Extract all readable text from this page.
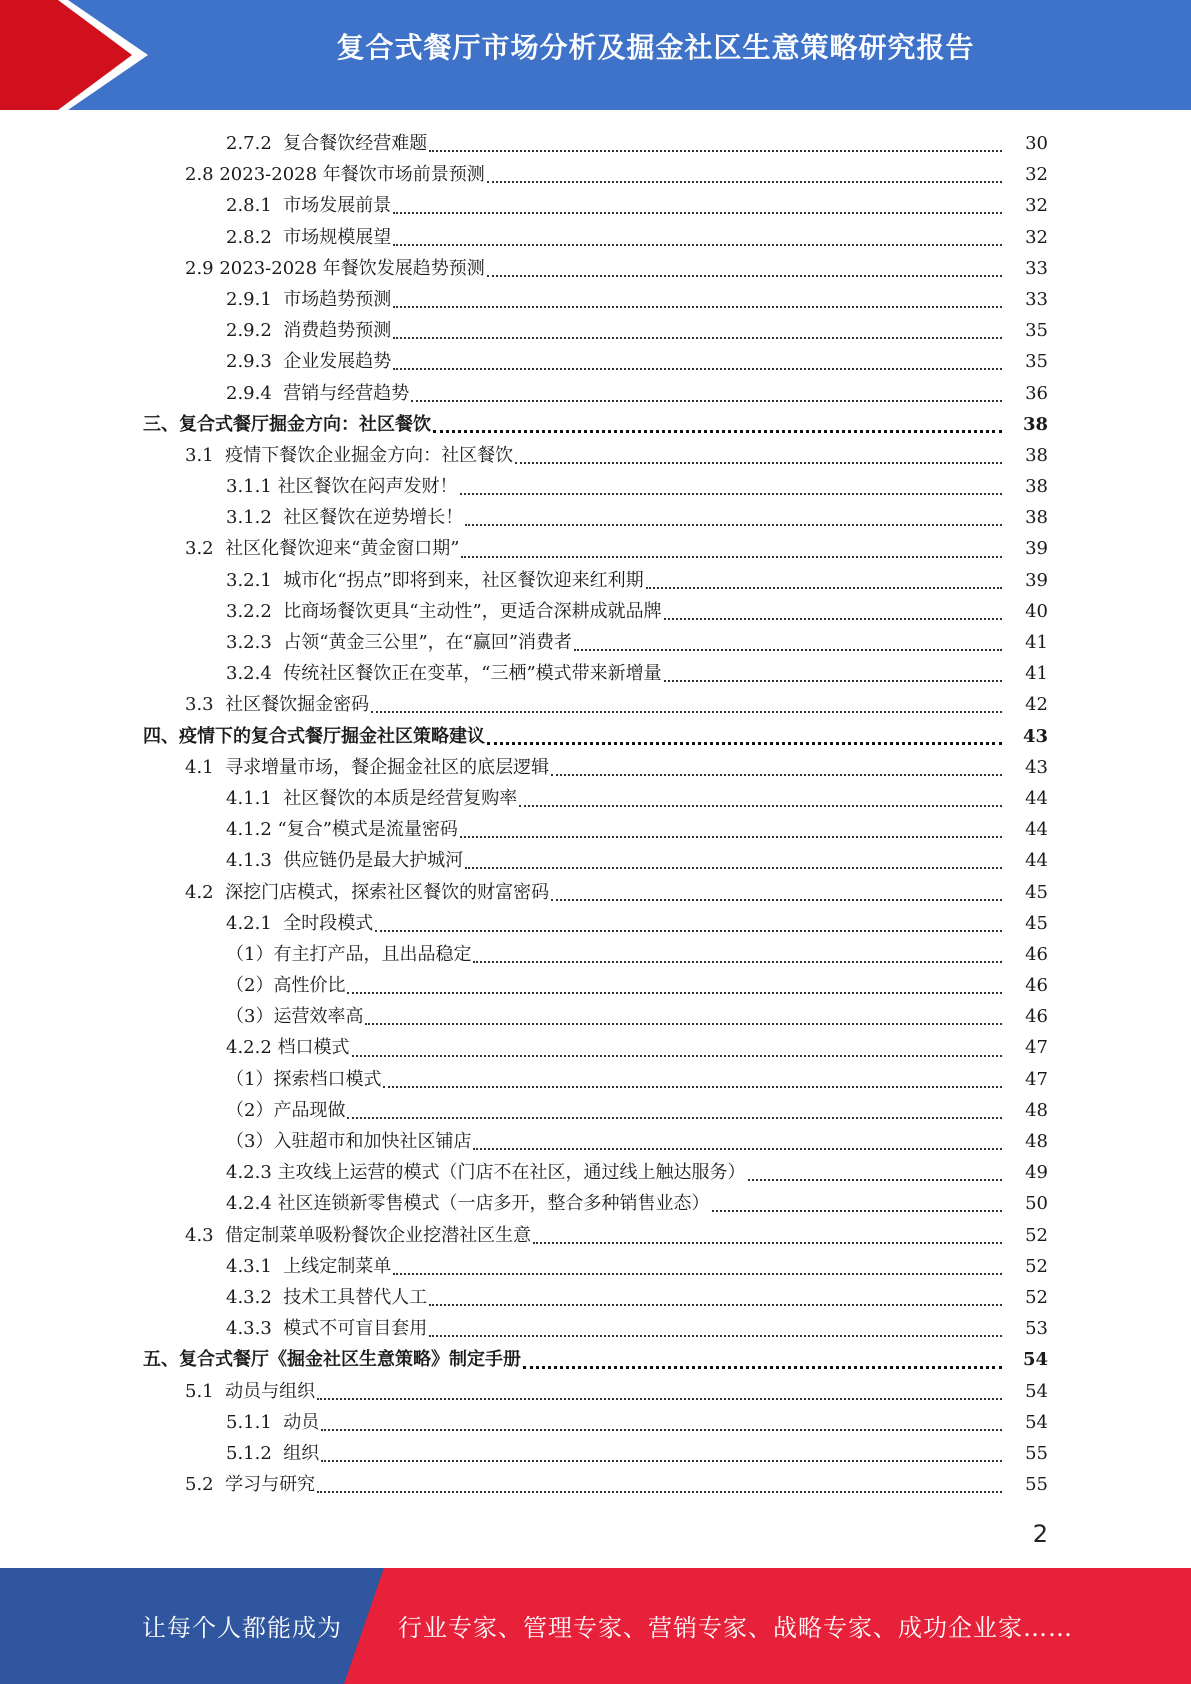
复合式餐厅市场分析及掘金社区生意策略研究报告
2.7.2  复合餐饮经营难题	30
2.8 2023-2028 年餐饮市场前景预测	32
2.8.1  市场发展前景	32
2.8.2  市场规模展望	32
2.9 2023-2028 年餐饮发展趋势预测	33
2.9.1  市场趋势预测	33
2.9.2  消费趋势预测	35
2.9.3  企业发展趋势	35
2.9.4  营销与经营趋势	36
三、复合式餐厅掘金方向：社区餐饮	38
3.1  疫情下餐饮企业掘金方向：社区餐饮	38
3.1.1 社区餐饮在闷声发财！	38
3.1.2  社区餐饮在逆势增长！	38
3.2  社区化餐饮迎来“黄金窗口期”	39
3.2.1  城市化“拐点”即将到来，社区餐饮迎来红利期	39
3.2.2  比商场餐饮更具“主动性”，更适合深耕成就品牌	40
3.2.3  占领“黄金三公里”，在“赢回”消费者	41
3.2.4  传统社区餐饮正在变革，“三栖”模式带来新增量	41
3.3  社区餐饮掘金密码	42
四、疫情下的复合式餐厅掘金社区策略建议	43
4.1  寻求增量市场，餐企掘金社区的底层逻辑	43
4.1.1  社区餐饮的本质是经营复购率	44
4.1.2 “复合”模式是流量密码	44
4.1.3  供应链仍是最大护城河	44
4.2  深挖门店模式，探索社区餐饮的财富密码	45
4.2.1  全时段模式	45
（1）有主打产品，且出品稳定	46
（2）高性价比	46
（3）运营效率高	46
4.2.2 档口模式	47
（1）探索档口模式	47
（2）产品现做	48
（3）入驻超市和加快社区铺店	48
4.2.3 主攻线上运营的模式（门店不在社区，通过线上触达服务）	49
4.2.4 社区连锁新零售模式（一店多开，整合多种销售业态）	50
4.3  借定制菜单吸粉餐饮企业挖潜社区生意	52
4.3.1  上线定制菜单	52
4.3.2  技术工具替代人工	52
4.3.3  模式不可盲目套用	53
五、复合式餐厅《掘金社区生意策略》制定手册	54
5.1  动员与组织	54
5.1.1  动员	54
5.1.2  组织	55
5.2  学习与研究	55
2
让每个人都能成为 行业专家、管理专家、营销专家、战略专家、成功企业家……
